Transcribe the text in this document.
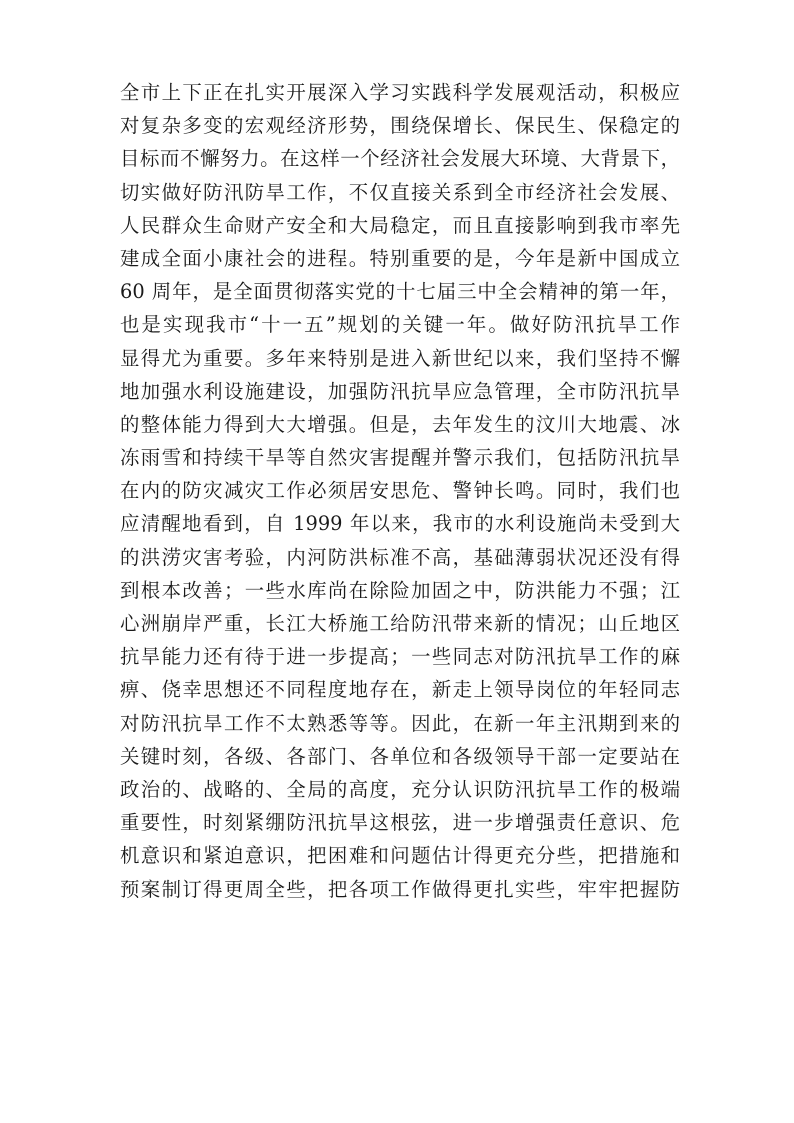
全市上下正在扎实开展深入学习实践科学发展观活动，积极应
对复杂多变的宏观经济形势，围绕保增长、保民生、保稳定的
目标而不懈努力。在这样一个经济社会发展大环境、大背景下，
切实做好防汛防旱工作，不仅直接关系到全市经济社会发展、
人民群众生命财产安全和大局稳定，而且直接影响到我市率先
建成全面小康社会的进程。特别重要的是，今年是新中国成立
60 周年，是全面贯彻落实党的十七届三中全会精神的第一年，
也是实现我市“十一五”规划的关键一年。做好防汛抗旱工作
显得尤为重要。多年来特别是进入新世纪以来，我们坚持不懈
地加强水利设施建设，加强防汛抗旱应急管理，全市防汛抗旱
的整体能力得到大大增强。但是，去年发生的汶川大地震、冰
冻雨雪和持续干旱等自然灾害提醒并警示我们，包括防汛抗旱
在内的防灾减灾工作必须居安思危、警钟长鸣。同时，我们也
应清醒地看到，自 1999 年以来，我市的水利设施尚未受到大
的洪涝灾害考验，内河防洪标准不高，基础薄弱状况还没有得
到根本改善；一些水库尚在除险加固之中，防洪能力不强；江
心洲崩岸严重，长江大桥施工给防汛带来新的情况；山丘地区
抗旱能力还有待于进一步提高；一些同志对防汛抗旱工作的麻
痹、侥幸思想还不同程度地存在，新走上领导岗位的年轻同志
对防汛抗旱工作不太熟悉等等。因此，在新一年主汛期到来的
关键时刻，各级、各部门、各单位和各级领导干部一定要站在
政治的、战略的、全局的高度，充分认识防汛抗旱工作的极端
重要性，时刻紧绷防汛抗旱这根弦，进一步增强责任意识、危
机意识和紧迫意识，把困难和问题估计得更充分些，把措施和
预案制订得更周全些，把各项工作做得更扎实些，牢牢把握防
